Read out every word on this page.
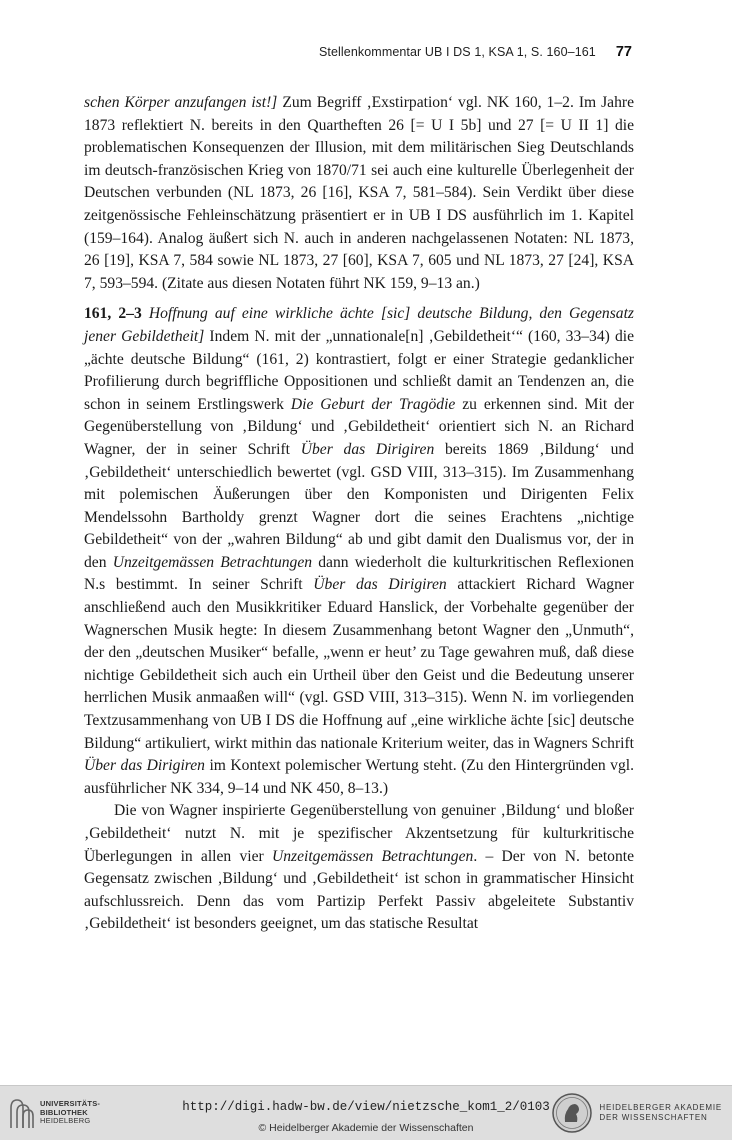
Stellenkommentar UB I DS 1, KSA 1, S. 160–161 77

schen Körper anzufangen ist!] Zum Begriff ‚Exstirpation‘ vgl. NK 160, 1–2. Im Jahre 1873 reflektiert N. bereits in den Quartheften 26 [= U I 5b] und 27 [= U II 1] die problematischen Konsequenzen der Illusion, mit dem militärischen Sieg Deutschlands im deutsch-französischen Krieg von 1870/71 sei auch eine kulturelle Überlegenheit der Deutschen verbunden (NL 1873, 26 [16], KSA 7, 581–584). Sein Verdikt über diese zeitgenössische Fehleinschätzung präsentiert er in UB I DS ausführlich im 1. Kapitel (159–164). Analog äußert sich N. auch in anderen nachgelassenen Notaten: NL 1873, 26 [19], KSA 7, 584 sowie NL 1873, 27 [60], KSA 7, 605 und NL 1873, 27 [24], KSA 7, 593–594. (Zitate aus diesen Notaten führt NK 159, 9–13 an.)

161, 2–3 Hoffnung auf eine wirkliche ächte [sic] deutsche Bildung, den Gegensatz jener Gebildetheit] Indem N. mit der „unnationale[n] ‚Gebildetheit‘“ (160, 33–34) die „ächte deutsche Bildung“ (161, 2) kontrastiert, folgt er einer Strategie gedanklicher Profilierung durch begriffliche Oppositionen und schließt damit an Tendenzen an, die schon in seinem Erstlingswerk Die Geburt der Tragödie zu erkennen sind. Mit der Gegenüberstellung von ‚Bildung‘ und ‚Gebildetheit‘ orientiert sich N. an Richard Wagner, der in seiner Schrift Über das Dirigiren bereits 1869 ‚Bildung‘ und ‚Gebildetheit‘ unterschiedlich bewertet (vgl. GSD VIII, 313–315). Im Zusammenhang mit polemischen Äußerungen über den Komponisten und Dirigenten Felix Mendelssohn Bartholdy grenzt Wagner dort die seines Erachtens „nichtige Gebildetheit“ von der „wahren Bildung“ ab und gibt damit den Dualismus vor, der in den Unzeitgemässen Betrachtungen dann wiederholt die kulturkritischen Reflexionen N.s bestimmt. In seiner Schrift Über das Dirigiren attackiert Richard Wagner anschließend auch den Musikkritiker Eduard Hanslick, der Vorbehalte gegenüber der Wagnerschen Musik hegte: In diesem Zusammenhang betont Wagner den „Unmuth“, der den „deutschen Musiker“ befalle, „wenn er heut’ zu Tage gewahren muß, daß diese nichtige Gebildetheit sich auch ein Urtheil über den Geist und die Bedeutung unserer herrlichen Musik anmaaßen will“ (vgl. GSD VIII, 313–315). Wenn N. im vorliegenden Textzusammenhang von UB I DS die Hoffnung auf „eine wirkliche ächte [sic] deutsche Bildung“ artikuliert, wirkt mithin das nationale Kriterium weiter, das in Wagners Schrift Über das Dirigiren im Kontext polemischer Wertung steht. (Zu den Hintergründen vgl. ausführlicher NK 334, 9–14 und NK 450, 8–13.)

Die von Wagner inspirierte Gegenüberstellung von genuiner ‚Bildung‘ und bloßer ‚Gebildetheit‘ nutzt N. mit je spezifischer Akzentsetzung für kulturkritische Überlegungen in allen vier Unzeitgemässen Betrachtungen. – Der von N. betonte Gegensatz zwischen ‚Bildung‘ und ‚Gebildetheit‘ ist schon in grammatischer Hinsicht aufschlussreich. Denn das vom Partizip Perfekt Passiv abgeleitete Substantiv ‚Gebildetheit‘ ist besonders geeignet, um das statische Resultat

UNIVERSITÄTS-
BIBLIOTHEK
HEIDELBERG
http://digi.hadw-bw.de/view/nietzsche_kom1_2/0103
© Heidelberger Akademie der Wissenschaften
HEIDELBERGER AKADEMIE
DER WISSENSCHAFTEN
